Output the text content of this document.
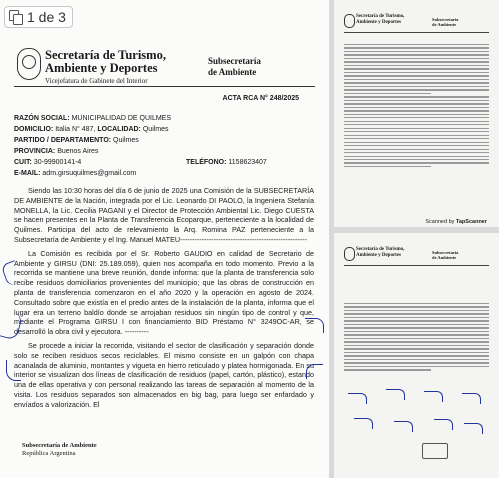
1 de 3
Secretaría de Turismo,
Ambiente y Deportes
Vicejefatura de Gabinete del Interior
Subsecretaría
de Ambiente
ACTA RCA N° 248/2025
RAZÓN SOCIAL: MUNICIPALIDAD DE QUILMES
DOMICILIO: Italia N° 487, LOCALIDAD: Quilmes
PARTIDO / DEPARTAMENTO: Quilmes
PROVINCIA: Buenos Aires
CUIT: 30-99900141-4	TELÉFONO: 1158623407
E-MAIL: adm.girsuquilmes@gmail.com

Siendo las 10:30 horas del día 6 de junio de 2025 una Comisión de la SUBSECRETARÍA DE AMBIENTE de la Nación, integrada por el Lic. Leonardo DI PAOLO, la Ingeniera Stefanía MONELLA, la Lic. Cecilia PAGANI y el Director de Protección Ambiental Lic. Diego CUESTA se hacen presentes en la Planta de Transferencia Ecoparque, perteneciente a la localidad de Quilmes. Participa del acto de relevamiento la Arq. Romina PAZ perteneciente a la Subsecretaría de Ambiente y el Ing. Manuel MATEU-----------------------------------------------------

La Comisión es recibida por el Sr. Roberto GAUDIO en calidad de Secretario de Ambiente y GIRSU (DNI: 25.189.059), quien nos acompaña en todo momento. Previo a la recorrida se mantiene una breve reunión, donde informa: que la planta de transferencia solo recibe residuos domiciliarios provenientes del municipio; que las obras de construcción en planta de transferencia comenzaron en el año 2020 y la operación en agosto de 2024. Consultado sobre que existía en el predio antes de la instalación de la planta, informa que el lugar era un terreno baldío donde se arrojaban residuos sin ningún tipo de control y que, mediante el Programa GIRSU I con financiamiento BID Préstamo N° 3249OC-AR, se desarrolló la obra civil y ejecutora. ----------

Se procede a iniciar la recorrida, visitando el sector de clasificación y separación donde solo se reciben residuos secos reciclables. El mismo consiste en un galpón con chapa acanalada de aluminio, montantes y vigueta en hierro reticulado y platea hormigonada. En su interior se visualizan dos líneas de clasificación de residuos (papel, cartón, plástico), estando una de ellas operativa y con personal realizando las tareas de separación al momento de la visita. Los residuos separados son almacenados en big bag, para luego ser enfardado y envíados a valorización. El

Subsecretaría de Ambiente
República Argentina
Secretaría de Turismo,
Ambiente y Deportes
Subsecretaría
de Ambiente
Scanned by TapScanner
Secretaría de Turismo,
Ambiente y Deportes
Subsecretaría
de Ambiente
